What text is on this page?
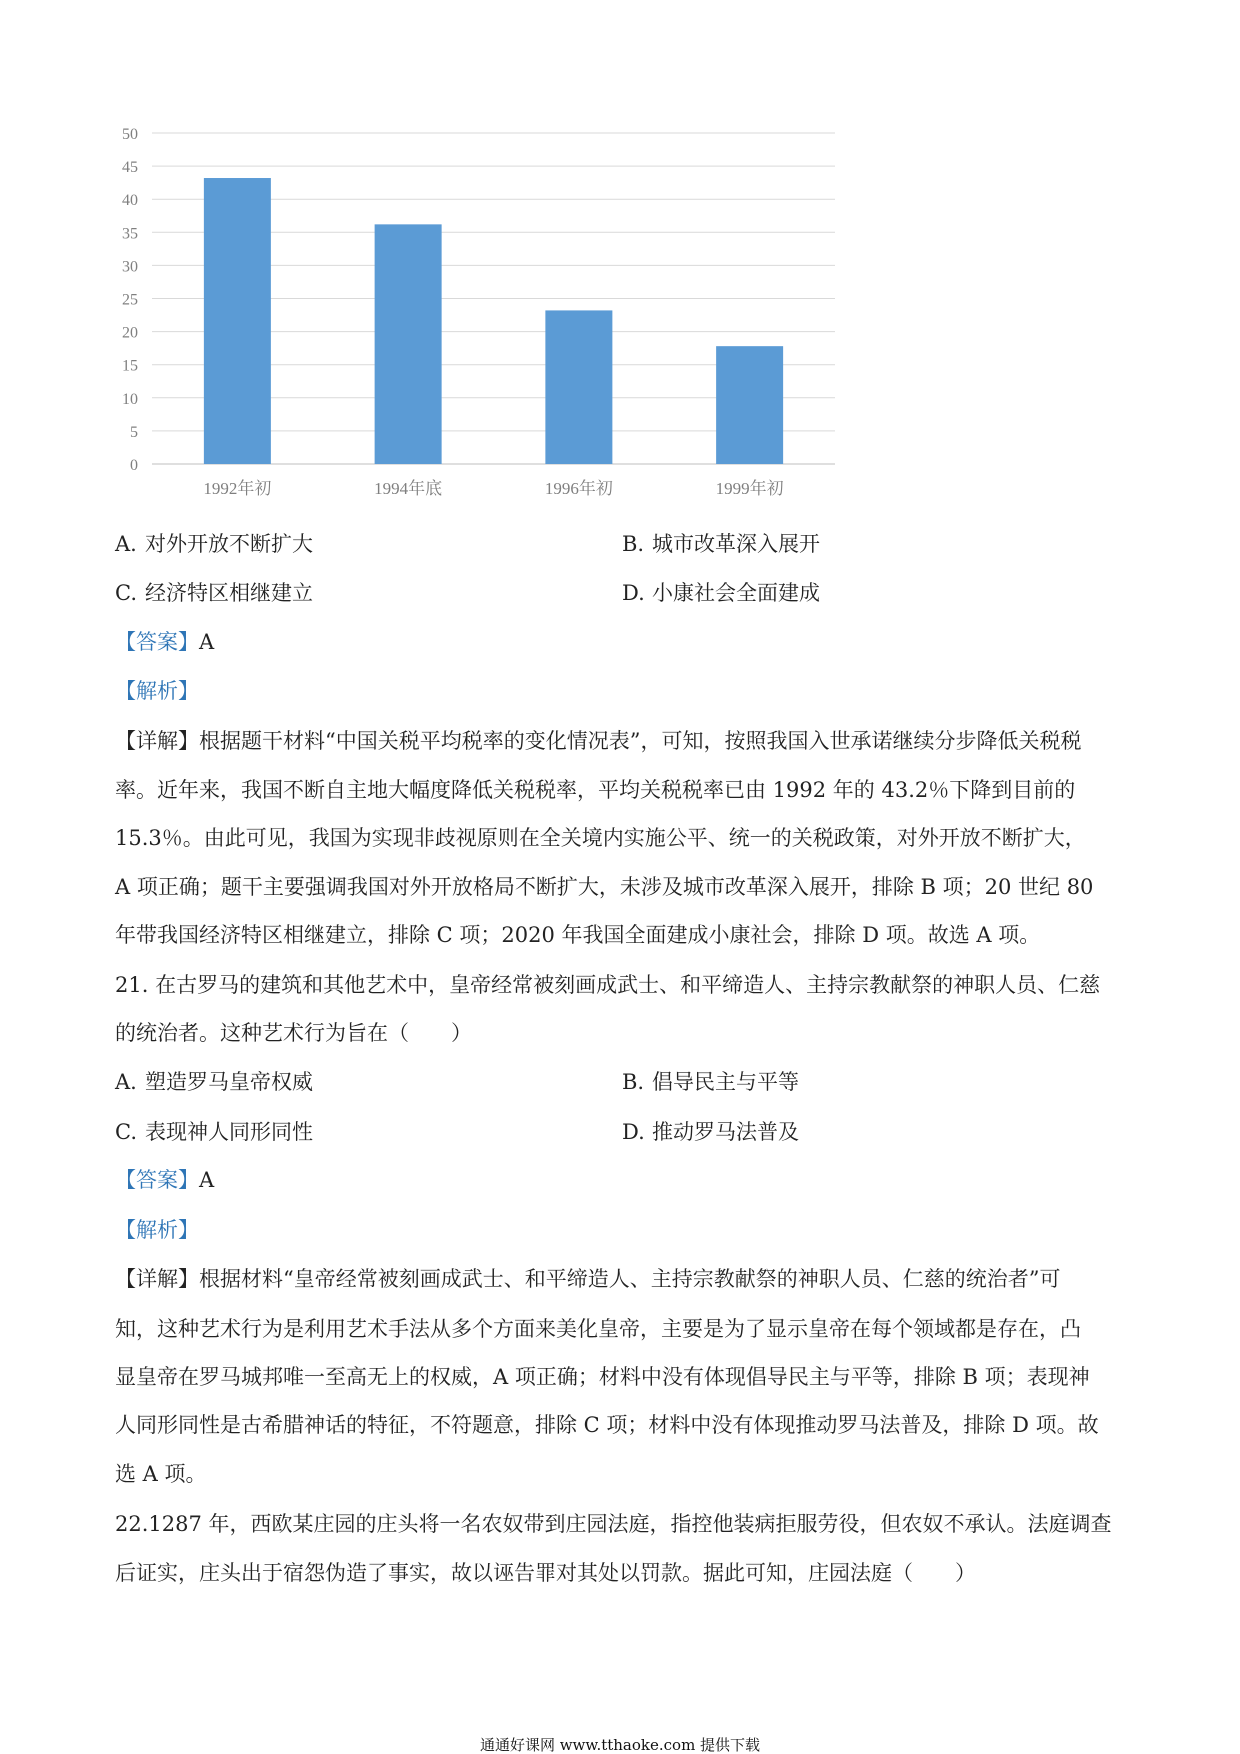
0
5
10
15
20
25
30
35
40
45
50
1992年初	1994年底	1996年初	1999年初
A. 对外开放不断扩大	B. 城市改革深入展开
C. 经济特区相继建立	D. 小康社会全面建成
【答案】A
【解析】
【详解】根据题干材料“中国关税平均税率的变化情况表”，可知，按照我国入世承诺继续分步降低关税税
率。近年来，我国不断自主地大幅度降低关税税率，平均关税税率已由 1992 年的 43.2％下降到目前的
15.3％。由此可见，我国为实现非歧视原则在全关境内实施公平、统一的关税政策，对外开放不断扩大，
A 项正确；题干主要强调我国对外开放格局不断扩大，未涉及城市改革深入展开，排除 B 项；20 世纪 80
年带我国经济特区相继建立，排除 C 项；2020 年我国全面建成小康社会，排除 D 项。故选 A 项。
21. 在古罗马的建筑和其他艺术中，皇帝经常被刻画成武士、和平缔造人、主持宗教献祭的神职人员、仁慈
的统治者。这种艺术行为旨在（　　）
A. 塑造罗马皇帝权威	B. 倡导民主与平等
C. 表现神人同形同性	D. 推动罗马法普及
【答案】A
【解析】
【详解】根据材料“皇帝经常被刻画成武士、和平缔造人、主持宗教献祭的神职人员、仁慈的统治者”可
知，这种艺术行为是利用艺术手法从多个方面来美化皇帝，主要是为了显示皇帝在每个领域都是存在，凸
显皇帝在罗马城邦唯一至高无上的权威，A 项正确；材料中没有体现倡导民主与平等，排除 B 项；表现神
人同形同性是古希腊神话的特征，不符题意，排除 C 项；材料中没有体现推动罗马法普及，排除 D 项。故
选 A 项。
22.1287 年，西欧某庄园的庄头将一名农奴带到庄园法庭，指控他装病拒服劳役，但农奴不承认。法庭调查
后证实，庄头出于宿怨伪造了事实，故以诬告罪对其处以罚款。据此可知，庄园法庭（　　）
通通好课网 www.tthaoke.com 提供下载
